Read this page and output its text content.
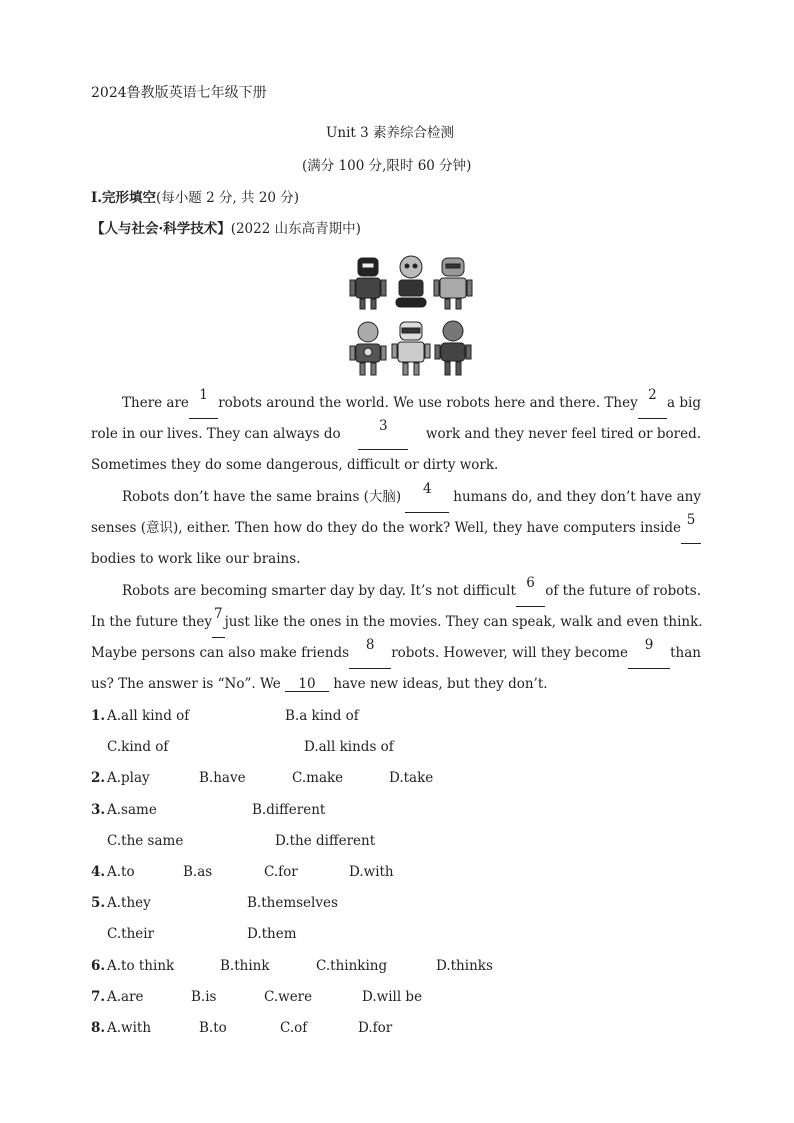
2024鲁教版英语七年级下册
Unit 3 素养综合检测
(满分 100 分,限时 60 分钟)
Ⅰ.完形填空(每小题 2 分, 共 20 分)
【人与社会·科学技术】(2022 山东高青期中)
There are 1 robots around the world. We use robots here and there. They 2 a big
role in our lives. They can always do	3	work and they never feel tired or bored.
Sometimes they do some dangerous, difficult or dirty work.
Robots don’t have the same brains (大脑)	4	humans do, and they don’t have any
senses (意识), either. Then how do they do the work? Well, they have computers inside 5
bodies to work like our brains.
Robots are becoming smarter day by day. It’s not difficult 6 of the future of robots.
In the future they 7 just like the ones in the movies. They can speak, walk and even think.
Maybe persons can also make friends	8	robots. However, will they become	9	than
us? The answer is “No”. We 10 have new ideas, but they don’t.
1. A.all kind of	B.a kind of
C.kind of	D.all kinds of
2. A.play	B.have	C.make	D.take
3. A.same	B.different
C.the same	D.the different
4. A.to	B.as	C.for	D.with
5. A.they	B.themselves
C.their	D.them
6. A.to think	B.think	C.thinking	D.thinks
7. A.are	B.is	C.were	D.will be
8. A.with	B.to	C.of	D.for
